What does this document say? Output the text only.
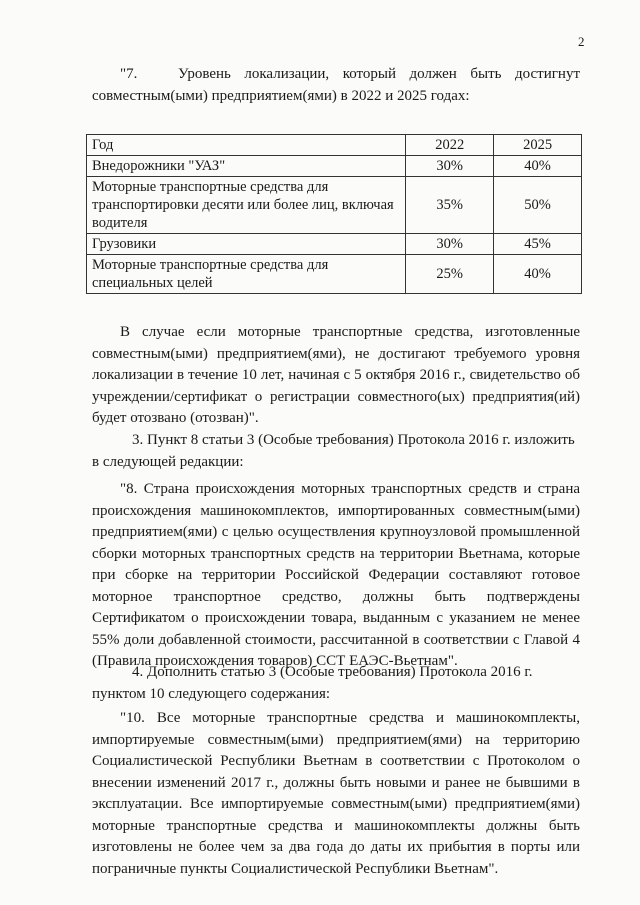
2

"7.   Уровень локализации, который должен быть достигнут совместным(ыми) предприятием(ями) в 2022 и 2025 годах:

Год	2022	2025
Внедорожники "УАЗ"	30%	40%
Моторные транспортные средства для транспортировки десяти или более лиц, включая водителя	35%	50%
Грузовики	30%	45%
Моторные транспортные средства для специальных целей	25%	40%

В случае если моторные транспортные средства, изготовленные совместным(ыми) предприятием(ями), не достигают требуемого уровня локализации в течение 10 лет, начиная с 5 октября 2016 г., свидетельство об учреждении/сертификат о регистрации совместного(ых) предприятия(ий) будет отозвано (отозван)".

3. Пункт 8 статьи 3 (Особые требования) Протокола 2016 г. изложить
в следующей редакции:

"8. Страна происхождения моторных транспортных средств и страна происхождения машинокомплектов, импортированных совместным(ыми) предприятием(ями) с целью осуществления крупноузловой промышленной сборки моторных транспортных средств на территории Вьетнама, которые при сборке на территории Российской Федерации составляют готовое моторное транспортное средство, должны быть подтверждены Сертификатом о происхождении товара, выданным с указанием не менее 55% доли добавленной стоимости, рассчитанной в соответствии с Главой 4 (Правила происхождения товаров) ССТ ЕАЭС-Вьетнам".

4. Дополнить статью 3 (Особые требования) Протокола 2016 г.
пунктом 10 следующего содержания:

"10. Все моторные транспортные средства и машинокомплекты, импортируемые совместным(ыми) предприятием(ями) на территорию Социалистической Республики Вьетнам в соответствии с Протоколом о внесении изменений 2017 г., должны быть новыми и ранее не бывшими в эксплуатации. Все импортируемые совместным(ыми) предприятием(ями) моторные транспортные средства и машинокомплекты должны быть изготовлены не более чем за два года до даты их прибытия в порты или пограничные пункты Социалистической Республики Вьетнам".
